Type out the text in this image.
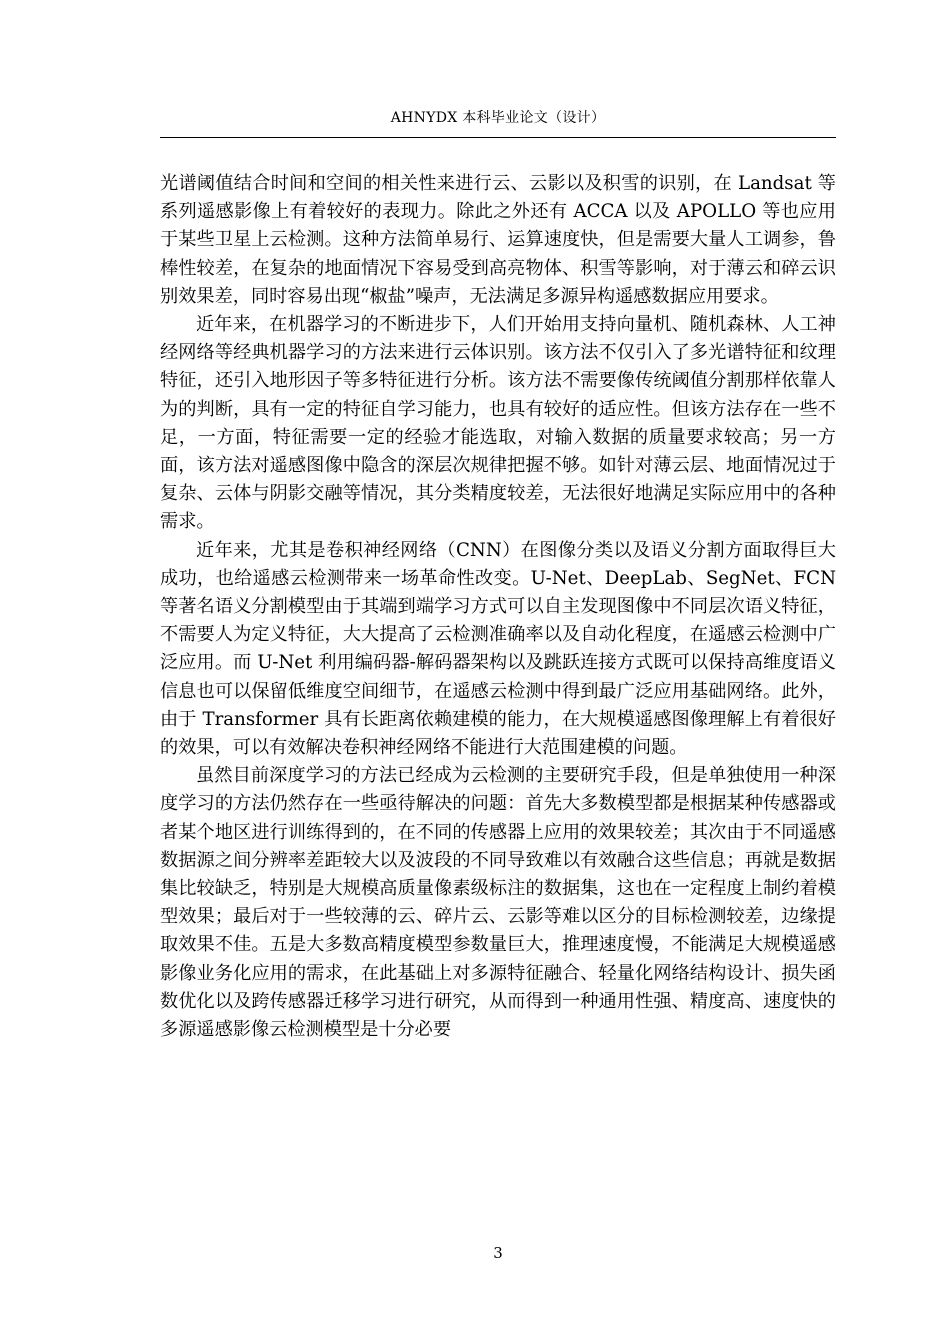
AHNYDX 本科毕业论文（设计）

光谱阈值结合时间和空间的相关性来进行云、云影以及积雪的识别，在 Landsat 等系列遥感影像上有着较好的表现力。除此之外还有 ACCA 以及 APOLLO 等也应用于某些卫星上云检测。这种方法简单易行、运算速度快，但是需要大量人工调参，鲁棒性较差，在复杂的地面情况下容易受到高亮物体、积雪等影响，对于薄云和碎云识别效果差，同时容易出现“椒盐”噪声，无法满足多源异构遥感数据应用要求。

近年来，在机器学习的不断进步下，人们开始用支持向量机、随机森林、人工神经网络等经典机器学习的方法来进行云体识别。该方法不仅引入了多光谱特征和纹理特征，还引入地形因子等多特征进行分析。该方法不需要像传统阈值分割那样依靠人为的判断，具有一定的特征自学习能力，也具有较好的适应性。但该方法存在一些不足，一方面，特征需要一定的经验才能选取，对输入数据的质量要求较高；另一方面，该方法对遥感图像中隐含的深层次规律把握不够。如针对薄云层、地面情况过于复杂、云体与阴影交融等情况，其分类精度较差，无法很好地满足实际应用中的各种需求。

近年来，尤其是卷积神经网络（CNN）在图像分类以及语义分割方面取得巨大成功，也给遥感云检测带来一场革命性改变。U-Net、DeepLab、SegNet、FCN 等著名语义分割模型由于其端到端学习方式可以自主发现图像中不同层次语义特征，不需要人为定义特征，大大提高了云检测准确率以及自动化程度，在遥感云检测中广泛应用。而 U-Net 利用编码器-解码器架构以及跳跃连接方式既可以保持高维度语义信息也可以保留低维度空间细节，在遥感云检测中得到最广泛应用基础网络。此外，由于 Transformer 具有长距离依赖建模的能力，在大规模遥感图像理解上有着很好的效果，可以有效解决卷积神经网络不能进行大范围建模的问题。

虽然目前深度学习的方法已经成为云检测的主要研究手段，但是单独使用一种深度学习的方法仍然存在一些亟待解决的问题：首先大多数模型都是根据某种传感器或者某个地区进行训练得到的，在不同的传感器上应用的效果较差；其次由于不同遥感数据源之间分辨率差距较大以及波段的不同导致难以有效融合这些信息；再就是数据集比较缺乏，特别是大规模高质量像素级标注的数据集，这也在一定程度上制约着模型效果；最后对于一些较薄的云、碎片云、云影等难以区分的目标检测较差，边缘提取效果不佳。五是大多数高精度模型参数量巨大，推理速度慢，不能满足大规模遥感影像业务化应用的需求，在此基础上对多源特征融合、轻量化网络结构设计、损失函数优化以及跨传感器迁移学习进行研究，从而得到一种通用性强、精度高、速度快的多源遥感影像云检测模型是十分必要

3
